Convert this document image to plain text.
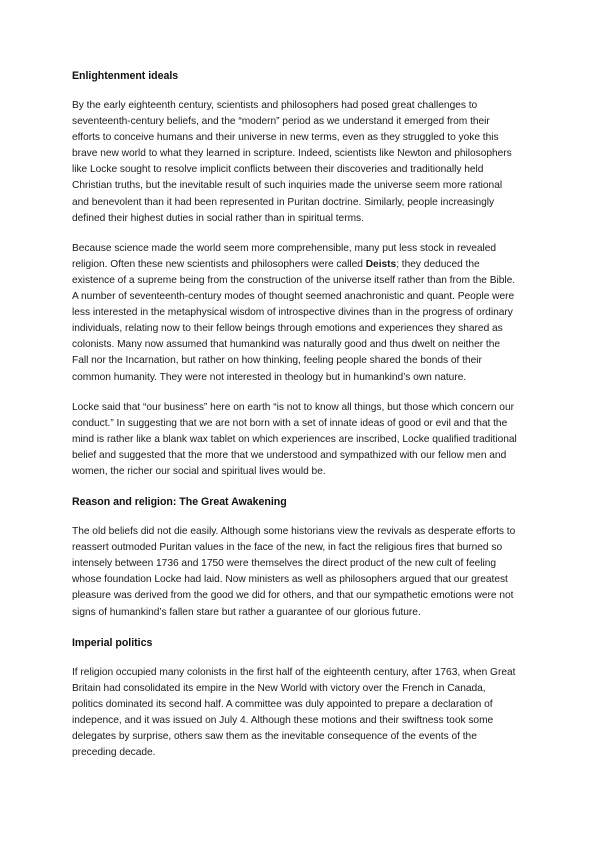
Enlightenment ideals

By the early eighteenth century, scientists and philosophers had posed great challenges to seventeenth-century beliefs, and the “modern” period as we understand it emerged from their efforts to conceive humans and their universe in new terms, even as they struggled to yoke this brave new world to what they learned in scripture. Indeed, scientists like Newton and philosophers like Locke sought to resolve implicit conflicts between their discoveries and traditionally held Christian truths, but the inevitable result of such inquiries made the universe seem more rational and benevolent than it had been represented in Puritan doctrine. Similarly, people increasingly defined their highest duties in social rather than in spiritual terms.

Because science made the world seem more comprehensible, many put less stock in revealed religion. Often these new scientists and philosophers were called Deists; they deduced the existence of a supreme being from the construction of the universe itself rather than from the Bible. A number of seventeenth-century modes of thought seemed anachronistic and quant. People were less interested in the metaphysical wisdom of introspective divines than in the progress of ordinary individuals, relating now to their fellow beings through emotions and experiences they shared as colonists. Many now assumed that humankind was naturally good and thus dwelt on neither the Fall nor the Incarnation, but rather on how thinking, feeling people shared the bonds of their common humanity. They were not interested in theology but in humankind’s own nature.

Locke said that “our business” here on earth “is not to know all things, but those which concern our conduct.” In suggesting that we are not born with a set of innate ideas of good or evil and that the mind is rather like a blank wax tablet on which experiences are inscribed, Locke qualified traditional belief and suggested that the more that we understood and sympathized with our fellow men and women, the richer our social and spiritual lives would be.

Reason and religion: The Great Awakening

The old beliefs did not die easily. Although some historians view the revivals as desperate efforts to reassert outmoded Puritan values in the face of the new, in fact the religious fires that burned so intensely between 1736 and 1750 were themselves the direct product of the new cult of feeling whose foundation Locke had laid. Now ministers as well as philosophers argued that our greatest pleasure was derived from the good we did for others, and that our sympathetic emotions were not signs of humankind’s fallen stare but rather a guarantee of our glorious future.

Imperial politics

If religion occupied many colonists in the first half of the eighteenth century, after 1763, when Great Britain had consolidated its empire in the New World with victory over the French in Canada, politics dominated its second half. A committee was duly appointed to prepare a declaration of indepence, and it was issued on July 4. Although these motions and their swiftness took some delegates by surprise, others saw them as the inevitable consequence of the events of the preceding decade.
